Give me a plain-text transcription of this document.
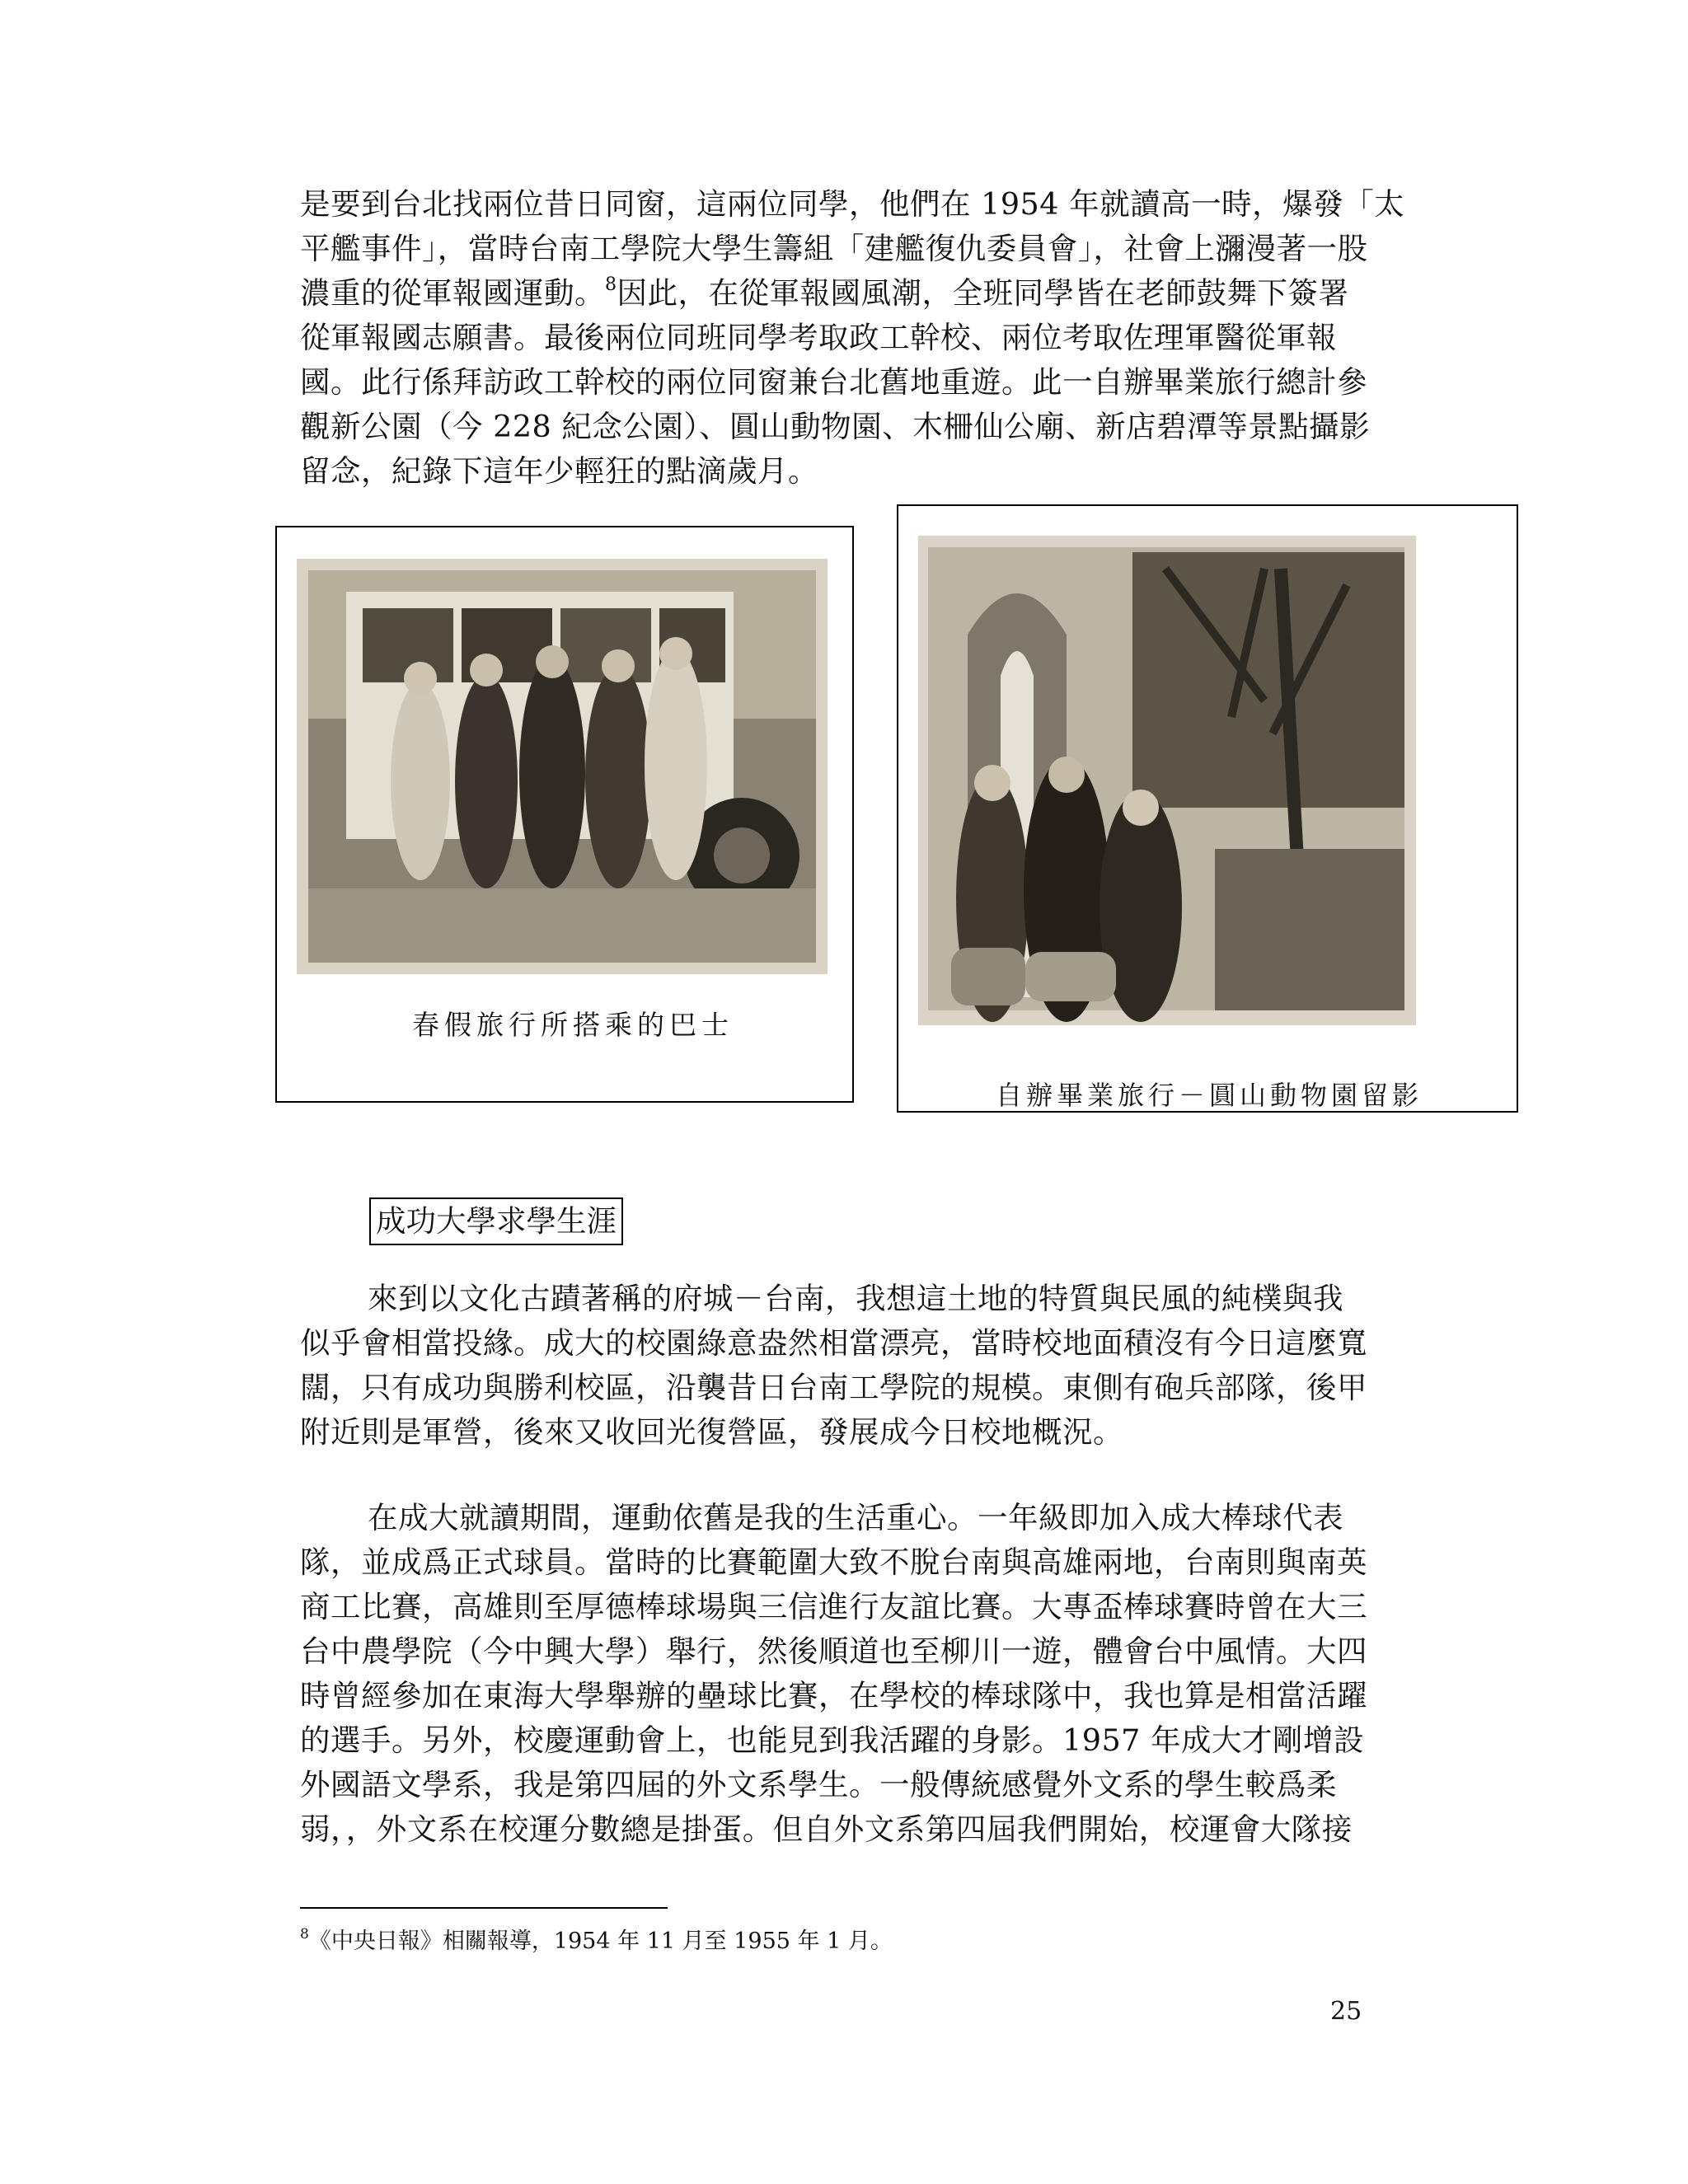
是要到台北找兩位昔日同窗，這兩位同學，他們在 1954 年就讀高一時，爆發「太
平艦事件」，當時台南工學院大學生籌組「建艦復仇委員會」，社會上瀰漫著一股
濃重的從軍報國運動。$^8$因此，在從軍報國風潮，全班同學皆在老師鼓舞下簽署
從軍報國志願書。最後兩位同班同學考取政工幹校、兩位考取佐理軍醫從軍報
國。此行係拜訪政工幹校的兩位同窗兼台北舊地重遊。此一自辦畢業旅行總計參
觀新公園（今 228 紀念公園）、圓山動物園、木柵仙公廟、新店碧潭等景點攝影
留念，紀錄下這年少輕狂的點滴歲月。
春假旅行所搭乘的巴士
自辦畢業旅行－圓山動物園留影
成功大學求學生涯
來到以文化古蹟著稱的府城－台南，我想這土地的特質與民風的純樸與我
似乎會相當投緣。成大的校園綠意盎然相當漂亮，當時校地面積沒有今日這麼寬
闊，只有成功與勝利校區，沿襲昔日台南工學院的規模。東側有砲兵部隊，後甲
附近則是軍營，後來又收回光復營區，發展成今日校地概況。
在成大就讀期間，運動依舊是我的生活重心。一年級即加入成大棒球代表
隊，並成爲正式球員。當時的比賽範圍大致不脫台南與高雄兩地，台南則與南英
商工比賽，高雄則至厚德棒球場與三信進行友誼比賽。大專盃棒球賽時曾在大三
台中農學院（今中興大學）舉行，然後順道也至柳川一遊，體會台中風情。大四
時曾經參加在東海大學舉辦的壘球比賽，在學校的棒球隊中，我也算是相當活躍
的選手。另外，校慶運動會上，也能見到我活躍的身影。1957 年成大才剛增設
外國語文學系，我是第四屆的外文系學生。一般傳統感覺外文系的學生較爲柔
弱，，外文系在校運分數總是掛蛋。但自外文系第四屆我們開始，校運會大隊接
$^8$《中央日報》相關報導，1954 年 11 月至 1955 年 1 月。
25
